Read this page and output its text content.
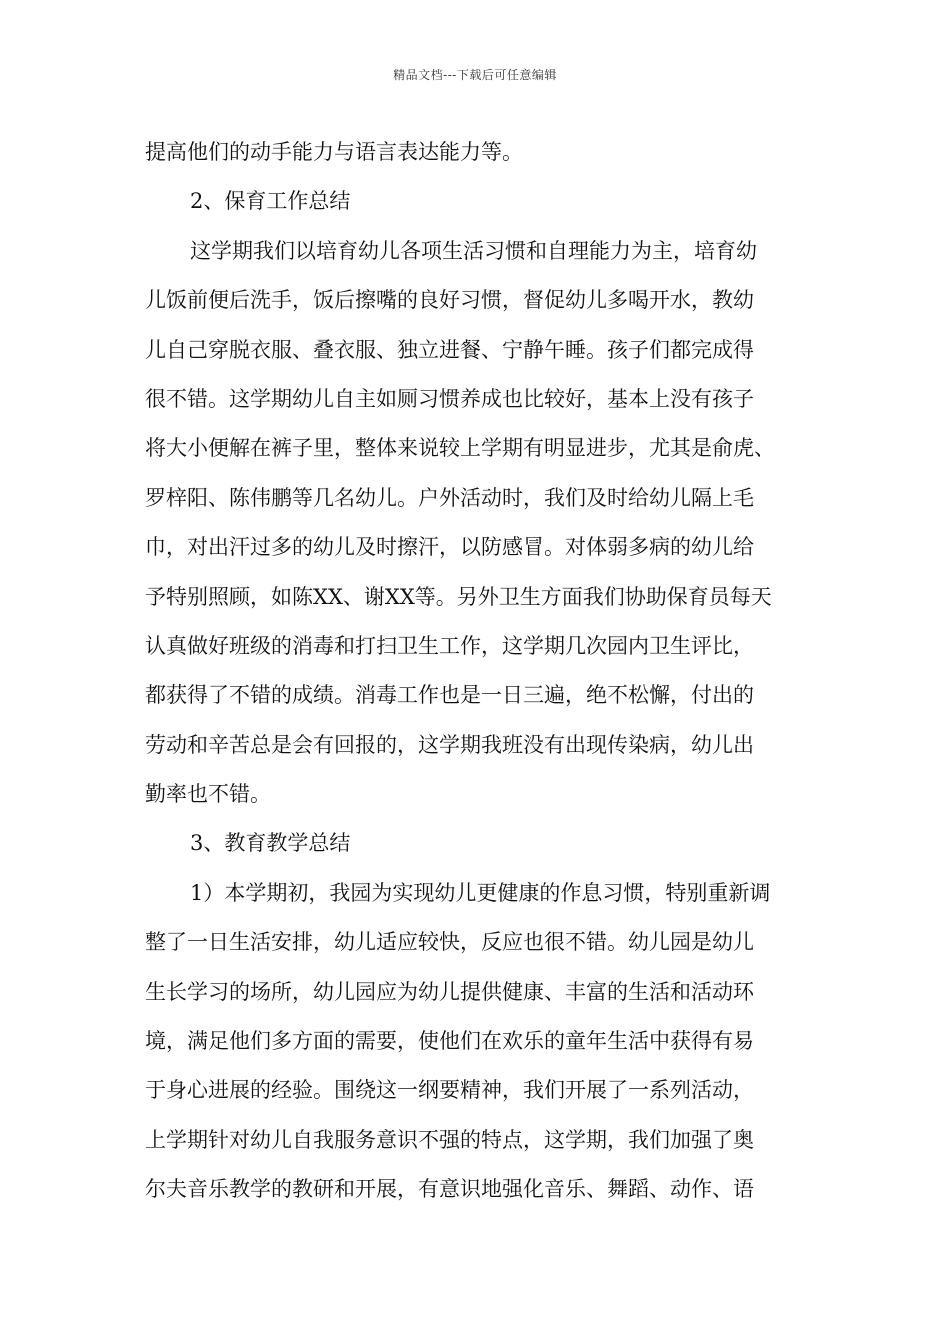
精品文档---下载后可任意编辑
提高他们的动手能力与语言表达能力等。
2、保育工作总结
这学期我们以培育幼儿各项生活习惯和自理能力为主，培育幼
儿饭前便后洗手，饭后擦嘴的良好习惯，督促幼儿多喝开水，教幼
儿自己穿脱衣服、叠衣服、独立进餐、宁静午睡。孩子们都完成得
很不错。这学期幼儿自主如厕习惯养成也比较好，基本上没有孩子
将大小便解在裤子里，整体来说较上学期有明显进步，尤其是俞虎、
罗梓阳、陈伟鹏等几名幼儿。户外活动时，我们及时给幼儿隔上毛
巾，对出汗过多的幼儿及时擦汗，以防感冒。对体弱多病的幼儿给
予特别照顾，如陈XX、谢XX等。另外卫生方面我们协助保育员每天
认真做好班级的消毒和打扫卫生工作，这学期几次园内卫生评比，
都获得了不错的成绩。消毒工作也是一日三遍，绝不松懈，付出的
劳动和辛苦总是会有回报的，这学期我班没有出现传染病，幼儿出
勤率也不错。
3、教育教学总结
1）本学期初，我园为实现幼儿更健康的作息习惯，特别重新调
整了一日生活安排，幼儿适应较快，反应也很不错。幼儿园是幼儿
生长学习的场所，幼儿园应为幼儿提供健康、丰富的生活和活动环
境，满足他们多方面的需要，使他们在欢乐的童年生活中获得有易
于身心进展的经验。围绕这一纲要精神，我们开展了一系列活动，
上学期针对幼儿自我服务意识不强的特点，这学期，我们加强了奥
尔夫音乐教学的教研和开展，有意识地强化音乐、舞蹈、动作、语
